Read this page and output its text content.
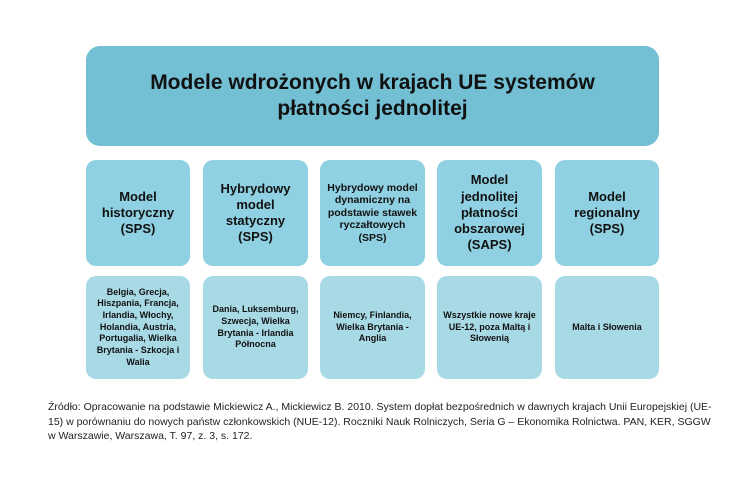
Modele wdrożonych w krajach UE systemów płatności jednolitej
Model historyczny (SPS)
Hybrydowy model statyczny (SPS)
Hybrydowy model dynamiczny na podstawie stawek ryczałtowych (SPS)
Model jednolitej płatności obszarowej (SAPS)
Model regionalny (SPS)
Belgia, Grecja, Hiszpania, Francja, Irlandia, Włochy, Holandia, Austria, Portugalia, Wielka Brytania - Szkocja i Walia
Dania, Luksemburg, Szwecja, Wielka Brytania - Irlandia Północna
Niemcy, Finlandia, Wielka Brytania - Anglia
Wszystkie nowe kraje UE-12, poza Maltą i Słowenią
Malta i Słowenia
Źródło: Opracowanie na podstawie Mickiewicz A., Mickiewicz B. 2010. System dopłat bezpośrednich w dawnych krajach Unii Europejskiej (UE-15) w porównaniu do nowych państw członkowskich (NUE-12). Roczniki Nauk Rolniczych, Seria G – Ekonomika Rolnictwa. PAN, KER, SGGW w Warszawie, Warszawa, T. 97, z. 3, s. 172.
